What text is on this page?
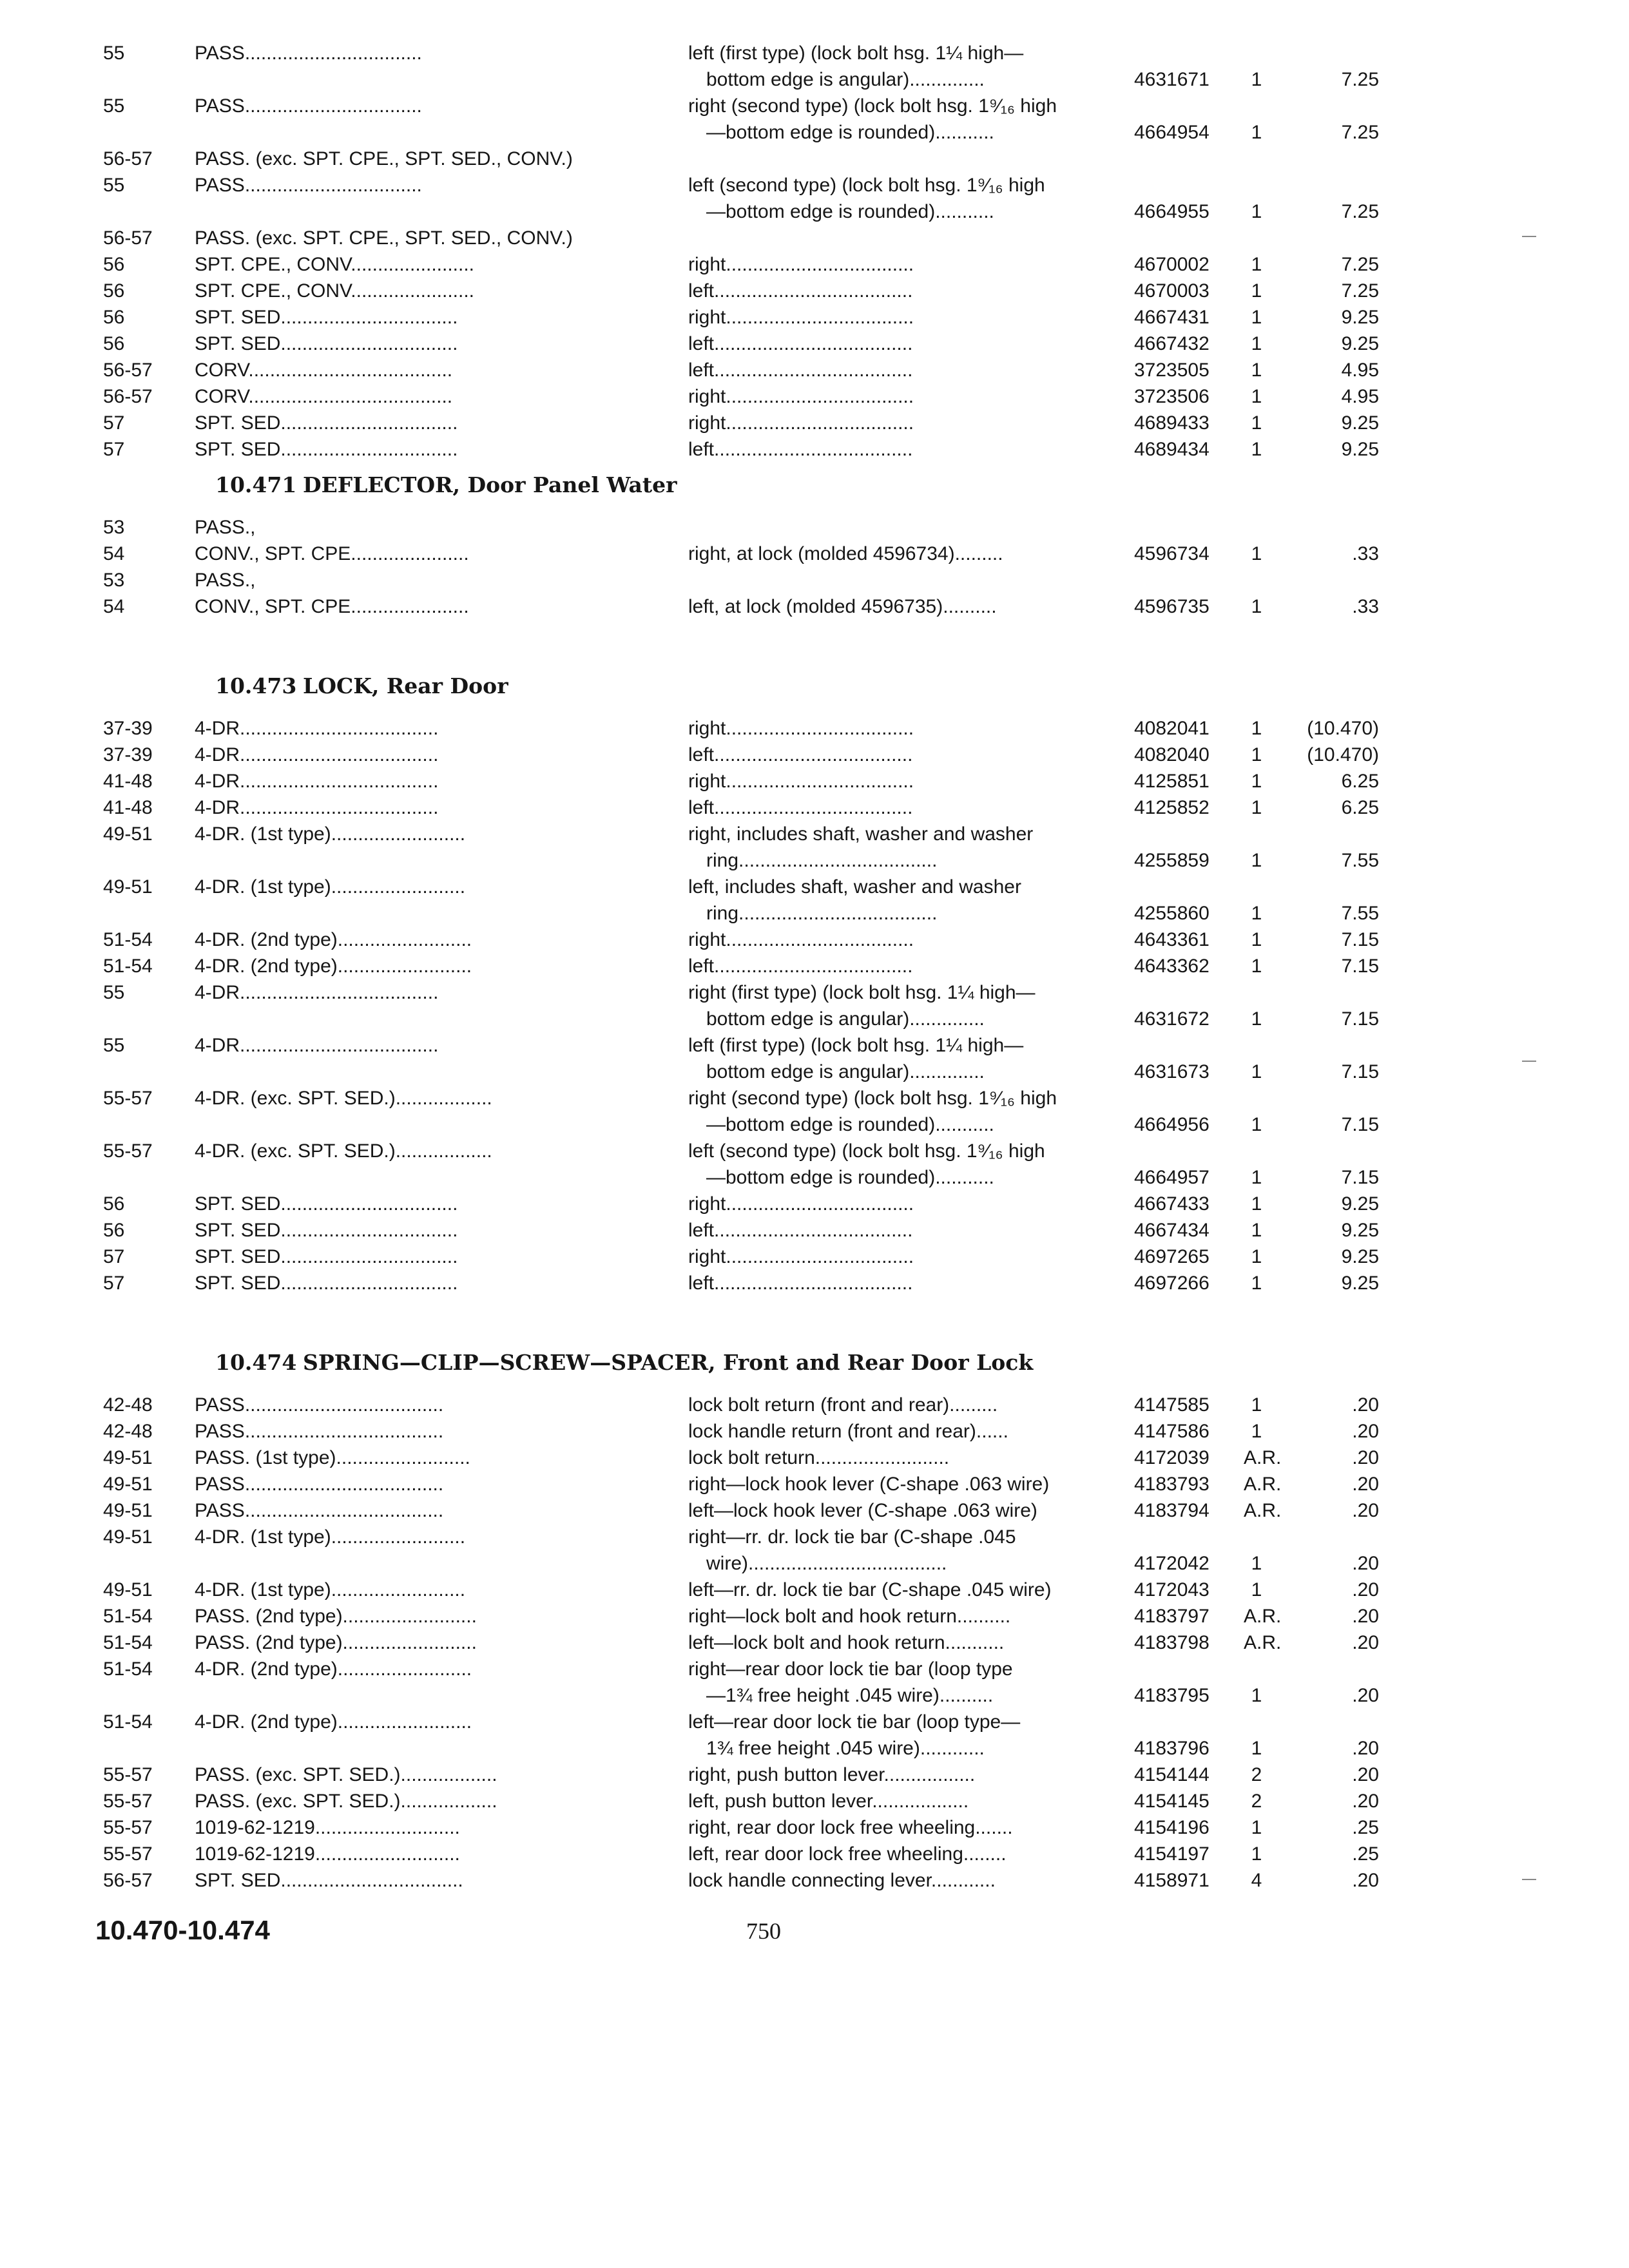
55	PASS.................................	left (first type) (lock bolt hsg. 1¼ high—
bottom edge is angular)..............	4631671	1	7.25
55	PASS.................................	right (second type) (lock bolt hsg. 1⁹⁄₁₆ high
—bottom edge is rounded)...........	4664954	1	7.25
56-57 PASS. (exc. SPT. CPE., SPT. SED., CONV.)
55	PASS.................................	left (second type) (lock bolt hsg. 1⁹⁄₁₆ high
—bottom edge is rounded)...........	4664955	1	7.25
56-57 PASS. (exc. SPT. CPE., SPT. SED., CONV.)
56	SPT. CPE., CONV.......................	right...................................	4670002	1	7.25
56	SPT. CPE., CONV.......................	left.....................................	4670003	1	7.25
56	SPT. SED.................................	right...................................	4667431	1	9.25
56	SPT. SED.................................	left.....................................	4667432	1	9.25
56-57 CORV......................................	left.....................................	3723505	1	4.95
56-57 CORV......................................	right...................................	3723506	1	4.95
57	SPT. SED.................................	right...................................	4689433	1	9.25
57	SPT. SED.................................	left.....................................	4689434	1	9.25
10.471 DEFLECTOR, Door Panel Water
53	PASS.,
54	CONV., SPT. CPE......................	right, at lock (molded 4596734).........	4596734	1	.33
53	PASS.,
54	CONV., SPT. CPE......................	left, at lock (molded 4596735)..........	4596735	1	.33
10.473 LOCK, Rear Door
37-39 4-DR.....................................	right...................................	4082041	1	(10.470)
37-39 4-DR.....................................	left.....................................	4082040	1	(10.470)
41-48 4-DR.....................................	right...................................	4125851	1	6.25
41-48 4-DR.....................................	left.....................................	4125852	1	6.25
49-51 4-DR. (1st type).........................	right, includes shaft, washer and washer
ring.....................................	4255859	1	7.55
49-51 4-DR. (1st type).........................	left, includes shaft, washer and washer
ring.....................................	4255860	1	7.55
51-54 4-DR. (2nd type).........................	right...................................	4643361	1	7.15
51-54 4-DR. (2nd type).........................	left.....................................	4643362	1	7.15
55	4-DR.....................................	right (first type) (lock bolt hsg. 1¼ high—
bottom edge is angular)..............	4631672	1	7.15
55	4-DR.....................................	left (first type) (lock bolt hsg. 1¼ high—
bottom edge is angular)..............	4631673	1	7.15
55-57 4-DR. (exc. SPT. SED.)..................	right (second type) (lock bolt hsg. 1⁹⁄₁₆ high
—bottom edge is rounded)...........	4664956	1	7.15
55-57 4-DR. (exc. SPT. SED.)..................	left (second type) (lock bolt hsg. 1⁹⁄₁₆ high
—bottom edge is rounded)...........	4664957	1	7.15
56	SPT. SED.................................	right...................................	4667433	1	9.25
56	SPT. SED.................................	left.....................................	4667434	1	9.25
57	SPT. SED.................................	right...................................	4697265	1	9.25
57	SPT. SED.................................	left.....................................	4697266	1	9.25
10.474 SPRING—CLIP—SCREW—SPACER, Front and Rear Door Lock
42-48 PASS.....................................	lock bolt return (front and rear).........	4147585	1	.20
42-48 PASS.....................................	lock handle return (front and rear)......	4147586	1	.20
49-51 PASS. (1st type).........................	lock bolt return.........................	4172039 A.R.	.20
49-51 PASS.....................................	right—lock hook lever (C-shape .063 wire)	4183793 A.R.	.20
49-51 PASS.....................................	left—lock hook lever (C-shape .063 wire)	4183794 A.R.	.20
49-51 4-DR. (1st type).........................	right—rr. dr. lock tie bar (C-shape .045
wire).....................................	4172042	1	.20
49-51 4-DR. (1st type).........................	left—rr. dr. lock tie bar (C-shape .045 wire)	4172043	1	.20
51-54 PASS. (2nd type).........................	right—lock bolt and hook return..........	4183797 A.R.	.20
51-54 PASS. (2nd type).........................	left—lock bolt and hook return...........	4183798 A.R.	.20
51-54 4-DR. (2nd type).........................	right—rear door lock tie bar (loop type
—1¾ free height .045 wire)..........	4183795	1	.20
51-54 4-DR. (2nd type).........................	left—rear door lock tie bar (loop type—
1¾ free height .045 wire)............	4183796	1	.20
55-57 PASS. (exc. SPT. SED.)..................	right, push button lever.................	4154144	2	.20
55-57 PASS. (exc. SPT. SED.)..................	left, push button lever..................	4154145	2	.20
55-57 1019-62-1219...........................	right, rear door lock free wheeling.......	4154196	1	.25
55-57 1019-62-1219...........................	left, rear door lock free wheeling........	4154197	1	.25
56-57 SPT. SED..................................	lock handle connecting lever............	4158971	4	.20
10.470-10.474	750
